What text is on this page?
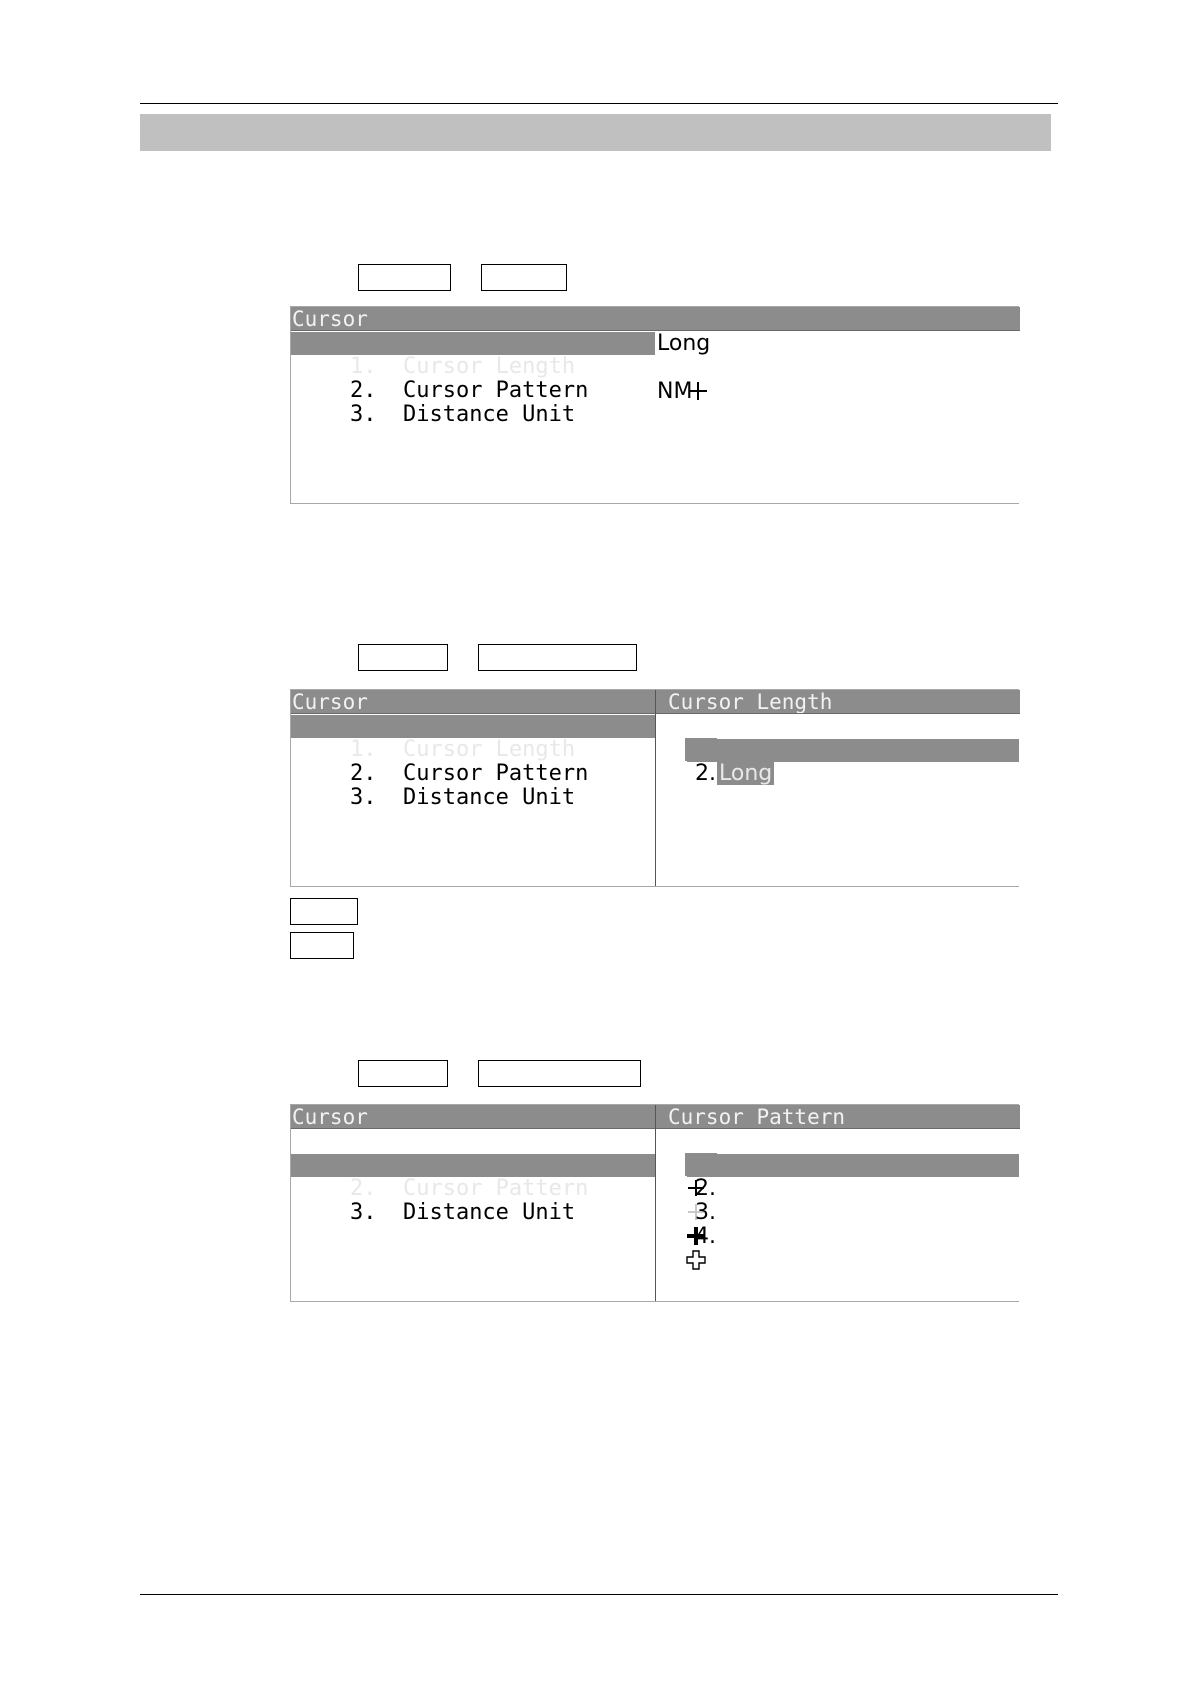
Cursor

1.  Cursor Length

2.  Cursor Pattern

3.  Distance Unit

Long

NM
Cursor	Cursor Length

1.  Cursor Length

2.  Cursor Pattern

3.  Distance Unit

2. Long

Cursor	Cursor Pattern

2.  Cursor Pattern

3.  Distance Unit

2.

3.

4.
